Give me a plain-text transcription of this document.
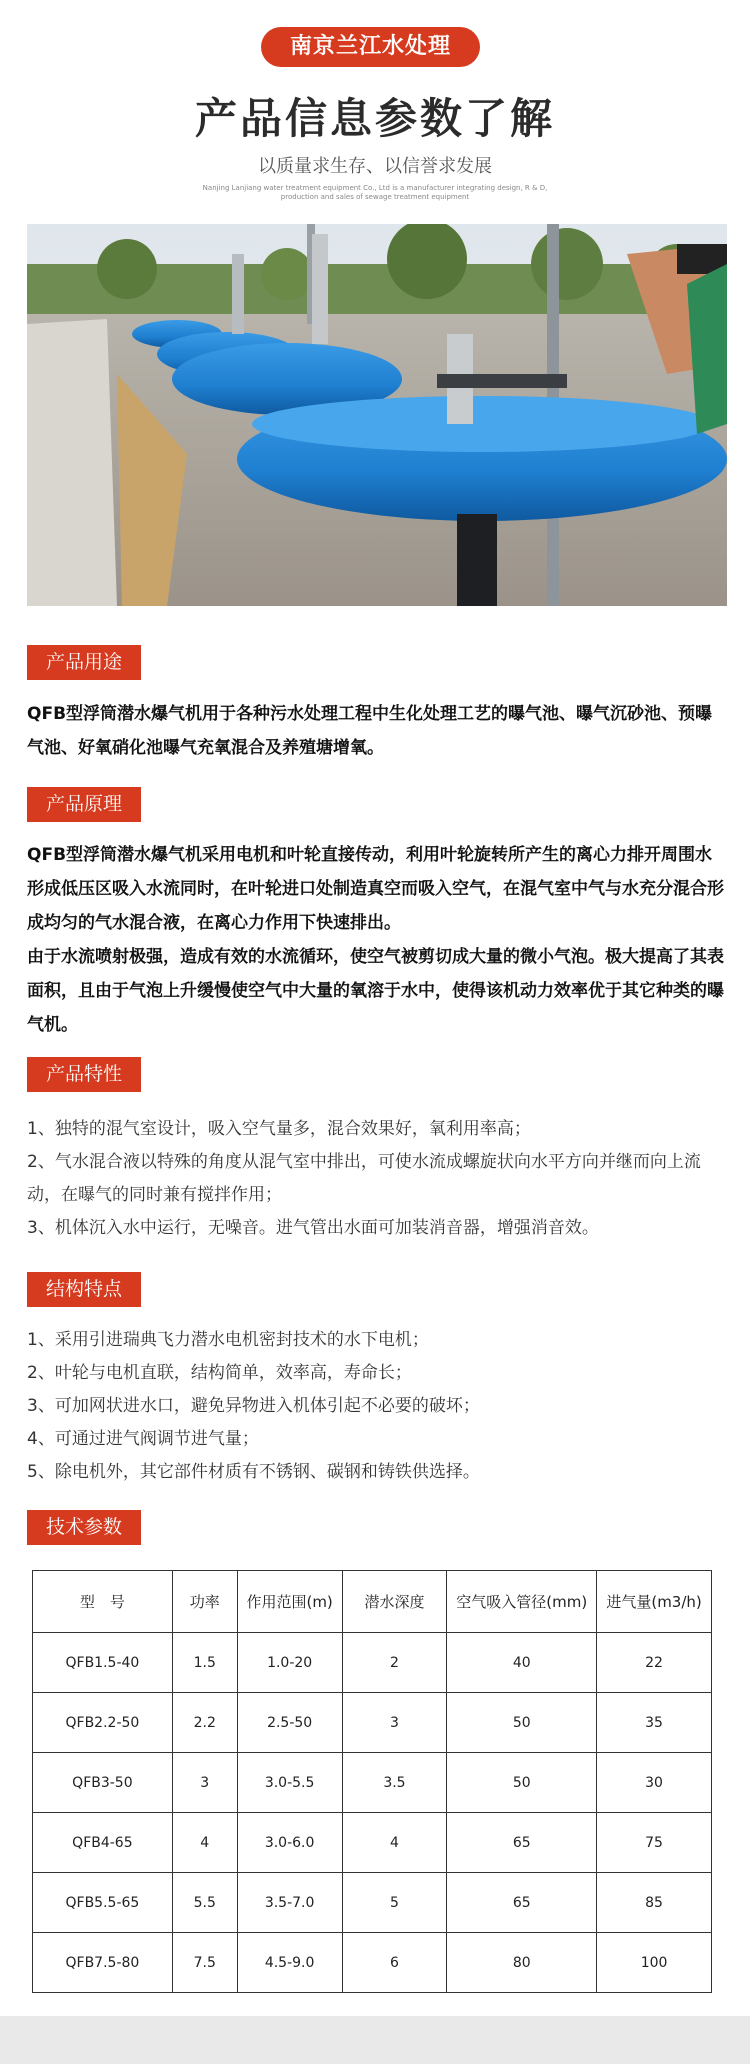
南京兰江水处理
产品信息参数了解
以质量求生存、以信誉求发展
Nanjing Lanjiang water treatment equipment Co., Ltd is a manufacturer integrating design, R & D,
production and sales of sewage treatment equipment
产品用途

QFB型浮筒潜水爆气机用于各种污水处理工程中生化处理工艺的曝气池、曝气沉砂池、预曝气池、好氧硝化池曝气充氧混合及养殖塘增氧。

产品原理

QFB型浮筒潜水爆气机采用电机和叶轮直接传动，利用叶轮旋转所产生的离心力排开周围水形成低压区吸入水流同时，在叶轮进口处制造真空而吸入空气，在混气室中气与水充分混合形成均匀的气水混合液，在离心力作用下快速排出。

由于水流喷射极强，造成有效的水流循环，使空气被剪切成大量的微小气泡。极大提高了其表面积，且由于气泡上升缓慢使空气中大量的氧溶于水中，使得该机动力效率优于其它种类的曝气机。

产品特性
1、独特的混气室设计，吸入空气量多，混合效果好，氧利用率高；
2、气水混合液以特殊的角度从混气室中排出，可使水流成螺旋状向水平方向并继而向上流动，在曝气的同时兼有搅拌作用；
3、机体沉入水中运行，无噪音。进气管出水面可加装消音器，增强消音效。
结构特点
1、采用引进瑞典飞力潜水电机密封技术的水下电机；
2、叶轮与电机直联，结构简单，效率高，寿命长；
3、可加网状进水口，避免异物进入机体引起不必要的破坏；
4、可通过进气阀调节进气量；
5、除电机外，其它部件材质有不锈钢、碳钢和铸铁供选择。
技术参数
型　号	功率	作用范围(m)	潜水深度	空气吸入管径(mm)	进气量(m3/h)
QFB1.5-40	1.5	1.0-20	2	40	22
QFB2.2-50	2.2	2.5-50	3	50	35
QFB3-50	3	3.0-5.5	3.5	50	30
QFB4-65	4	3.0-6.0	4	65	75
QFB5.5-65	5.5	3.5-7.0	5	65	85
QFB7.5-80	7.5	4.5-9.0	6	80	100
